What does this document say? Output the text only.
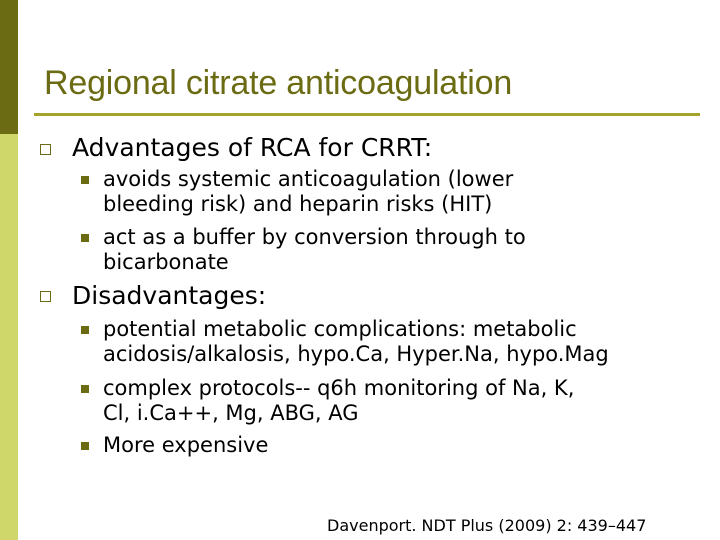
Regional citrate anticoagulation
Advantages of RCA for CRRT:
avoids systemic anticoagulation (lower
bleeding risk) and heparin risks (HIT)
act as a buffer by conversion through to
bicarbonate
Disadvantages:
potential metabolic complications: metabolic
acidosis/alkalosis, hypo.Ca, Hyper.Na, hypo.Mag
complex protocols-- q6h monitoring of Na, K,
Cl, i.Ca++, Mg, ABG, AG
More expensive
Davenport. NDT Plus (2009) 2: 439–447
